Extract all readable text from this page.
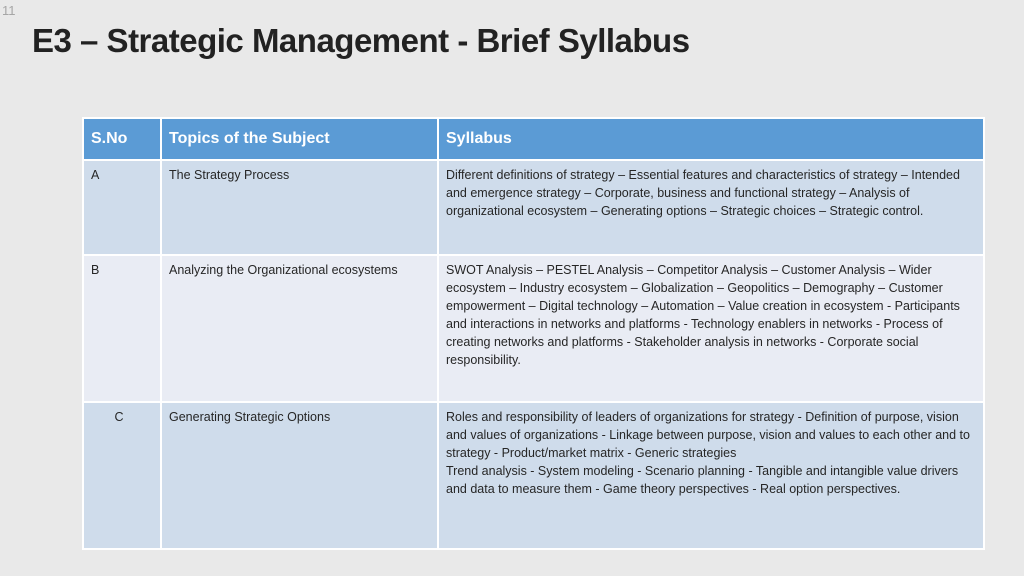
11
E3 – Strategic Management - Brief Syllabus
S.No	Topics of the Subject	Syllabus
A	The Strategy Process	Different definitions of strategy – Essential features and characteristics of strategy – Intended and emergence strategy – Corporate, business and functional strategy – Analysis of organizational ecosystem – Generating options – Strategic choices – Strategic control.

B	Analyzing the Organizational ecosystems	SWOT Analysis – PESTEL Analysis – Competitor Analysis – Customer Analysis – Wider ecosystem – Industry ecosystem – Globalization – Geopolitics – Demography – Customer empowerment – Digital technology – Automation – Value creation in ecosystem - Participants and interactions in networks and platforms - Technology enablers in networks - Process of creating networks and platforms - Stakeholder analysis in networks - Corporate social responsibility.

C	Generating Strategic Options	Roles and responsibility of leaders of organizations for strategy - Definition of purpose, vision and values of organizations - Linkage between purpose, vision and values to each other and to strategy - Product/market matrix - Generic strategies
Trend analysis - System modeling - Scenario planning - Tangible and intangible value drivers and data to measure them - Game theory perspectives - Real option perspectives.
